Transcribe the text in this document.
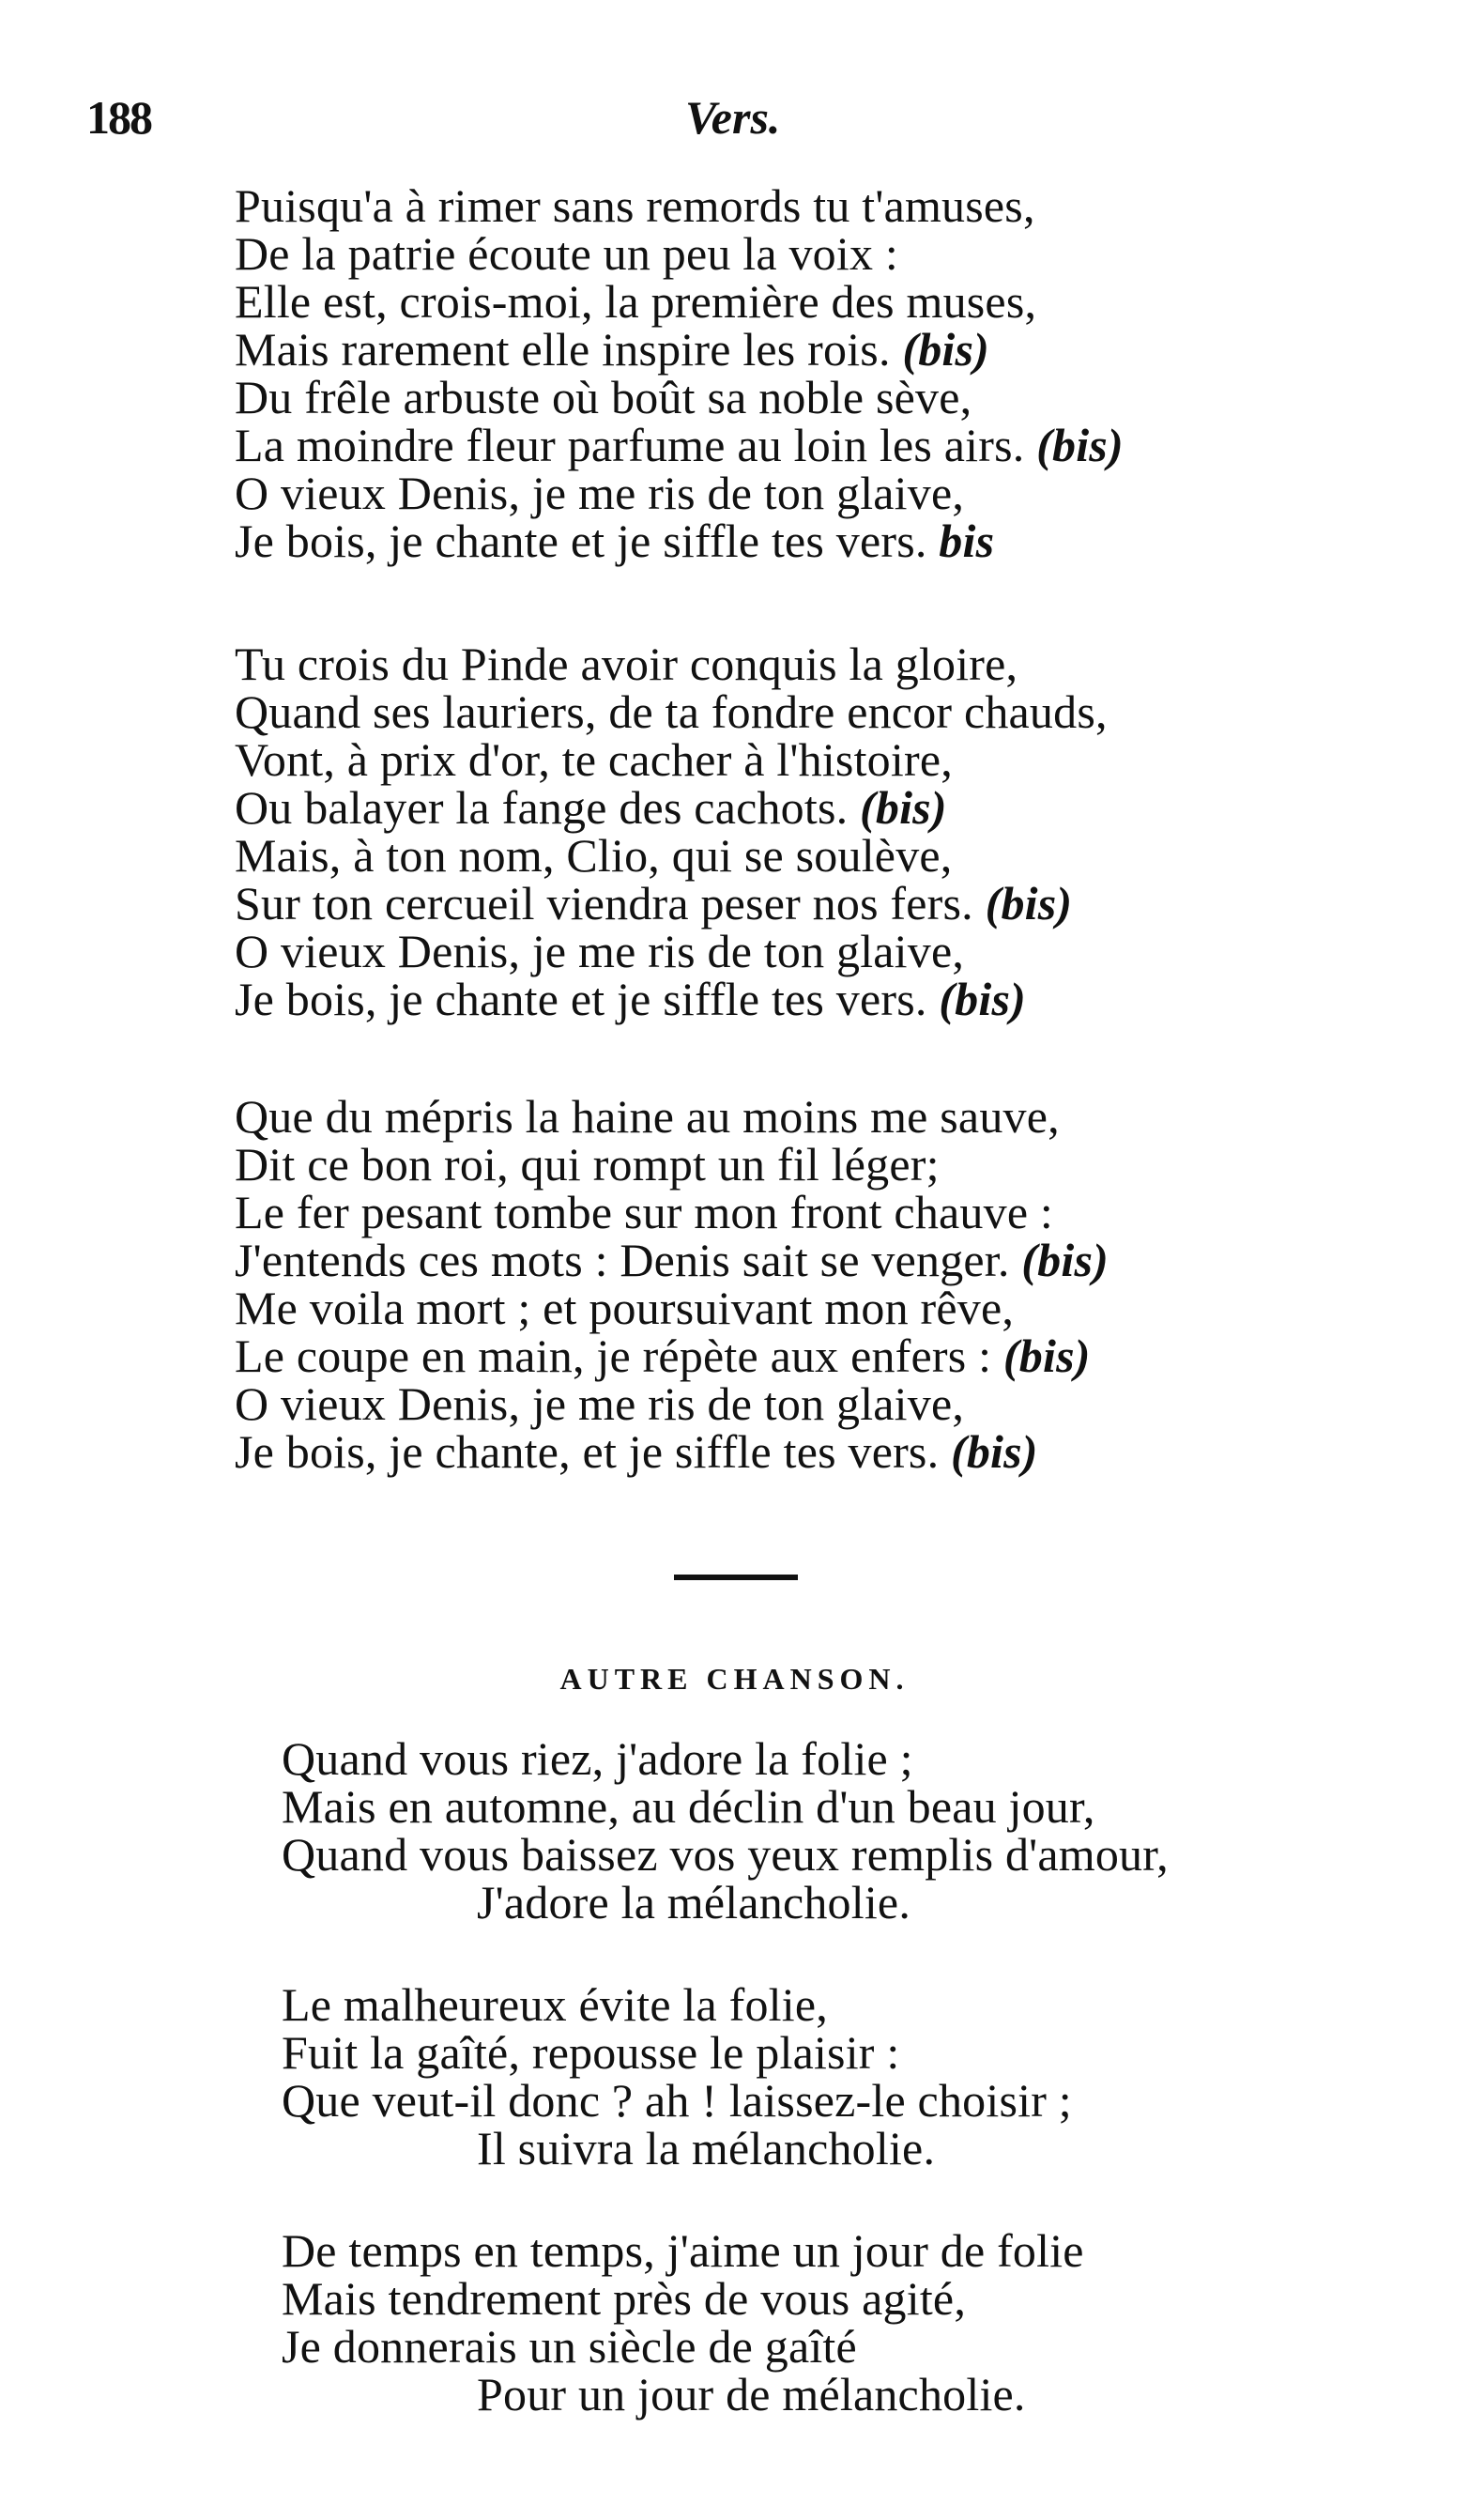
188	Vers.
Puisqu'a à rimer sans remords tu t'amuses,
De la patrie écoute un peu la voix :
Elle est, crois-moi, la première des muses,
Mais rarement elle inspire les rois. (bis)
Du frêle arbuste où boût sa noble sève,
La moindre fleur parfume au loin les airs. (bis)
O vieux Denis, je me ris de ton glaive,
Je bois, je chante et je siffle tes vers. bis
Tu crois du Pinde avoir conquis la gloire,
Quand ses lauriers, de ta fondre encor chauds,
Vont, à prix d'or, te cacher à l'histoire,
Ou balayer la fange des cachots. (bis)
Mais, à ton nom, Clio, qui se soulève,
Sur ton cercueil viendra peser nos fers. (bis)
O vieux Denis, je me ris de ton glaive,
Je bois, je chante et je siffle tes vers. (bis)
Que du mépris la haine au moins me sauve,
Dit ce bon roi, qui rompt un fil léger;
Le fer pesant tombe sur mon front chauve :
J'entends ces mots : Denis sait se venger. (bis)
Me voila mort ; et poursuivant mon rêve,
Le coupe en main, je répète aux enfers : (bis)
O vieux Denis, je me ris de ton glaive,
Je bois, je chante, et je siffle tes vers. (bis)
AUTRE CHANSON.
Quand vous riez, j'adore la folie ;
Mais en automne, au déclin d'un beau jour,
Quand vous baissez vos yeux remplis d'amour,
J'adore la mélancholie.
Le malheureux évite la folie,
Fuit la gaîté, repousse le plaisir :
Que veut-il donc ? ah ! laissez-le choisir ;
Il suivra la mélancholie.
De temps en temps, j'aime un jour de folie
Mais tendrement près de vous agité,
Je donnerais un siècle de gaîté
Pour un jour de mélancholie.
